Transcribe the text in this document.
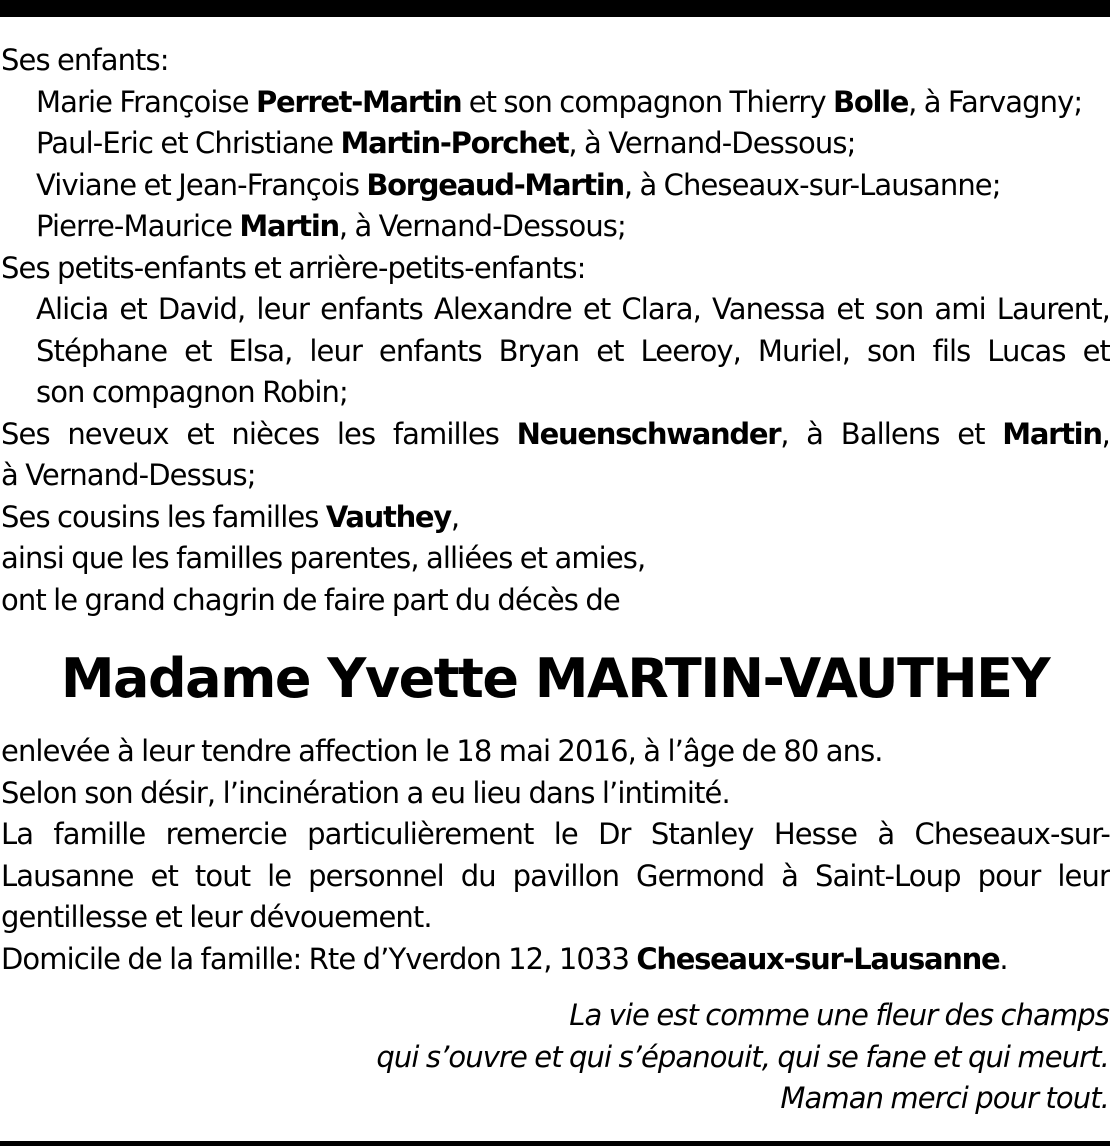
Ses enfants:
Marie Françoise Perret-Martin et son compagnon Thierry Bolle, à Farvagny;
Paul-Eric et Christiane Martin-Porchet, à Vernand-Dessous;
Viviane et Jean-François Borgeaud-Martin, à Cheseaux-sur-Lausanne;
Pierre-Maurice Martin, à Vernand-Dessous;
Ses petits-enfants et arrière-petits-enfants:
Alicia et David, leur enfants Alexandre et Clara, Vanessa et son ami Laurent,
Stéphane et Elsa, leur enfants Bryan et Leeroy, Muriel, son fils Lucas et
son compagnon Robin;
Ses neveux et nièces les familles Neuenschwander, à Ballens et Martin,
à Vernand-Dessus;
Ses cousins les familles Vauthey,
ainsi que les familles parentes, alliées et amies,
ont le grand chagrin de faire part du décès de
Madame Yvette MARTIN-VAUTHEY
enlevée à leur tendre affection le 18 mai 2016, à l’âge de 80 ans.
Selon son désir, l’incinération a eu lieu dans l’intimité.
La famille remercie particulièrement le Dr Stanley Hesse à Cheseaux-sur-
Lausanne et tout le personnel du pavillon Germond à Saint-Loup pour leur
gentillesse et leur dévouement.
Domicile de la famille: Rte d’Yverdon 12, 1033 Cheseaux-sur-Lausanne.
La vie est comme une fleur des champs
qui s’ouvre et qui s’épanouit, qui se fane et qui meurt.
Maman merci pour tout.
